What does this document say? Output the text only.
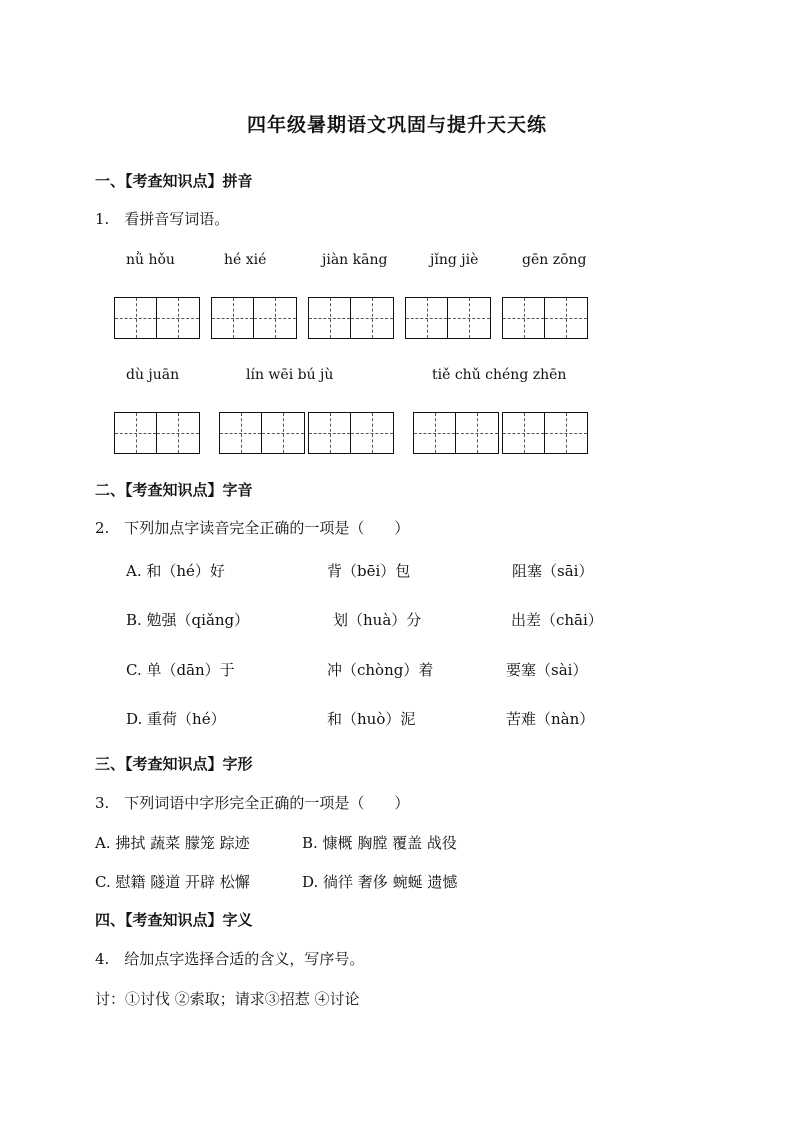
四年级暑期语文巩固与提升天天练
一、【考查知识点】拼音
1.　看拼音写词语。
nǜ hǒu	hé xié	jiàn kāng	jǐng jiè	gēn zōng
dù juān	lín wēi bú jù	tiě chǔ chéng zhēn
二、【考查知识点】字音
2.　下列加点字读音完全正确的一项是（　　）
A. 和（hé）好	背（bēi）包	阻塞（sāi）
B. 勉强（qiǎng）	划（huà）分	出差（chāi）
C. 单（dān）于	冲（chòng）着	要塞（sài）
D. 重荷（hé）	和（huò）泥	苦难（nàn）
三、【考查知识点】字形
3.　下列词语中字形完全正确的一项是（　　）
A. 拂拭 蔬菜 朦笼 踪迹	B. 慷概 胸膛 覆盖 战役
C. 慰籍 隧道 开辟 松懈	D. 徜徉 奢侈 蜿蜒 遗憾
四、【考查知识点】字义
4.　给加点字选择合适的含义，写序号。
讨：①讨伐 ②索取；请求③招惹 ④讨论
